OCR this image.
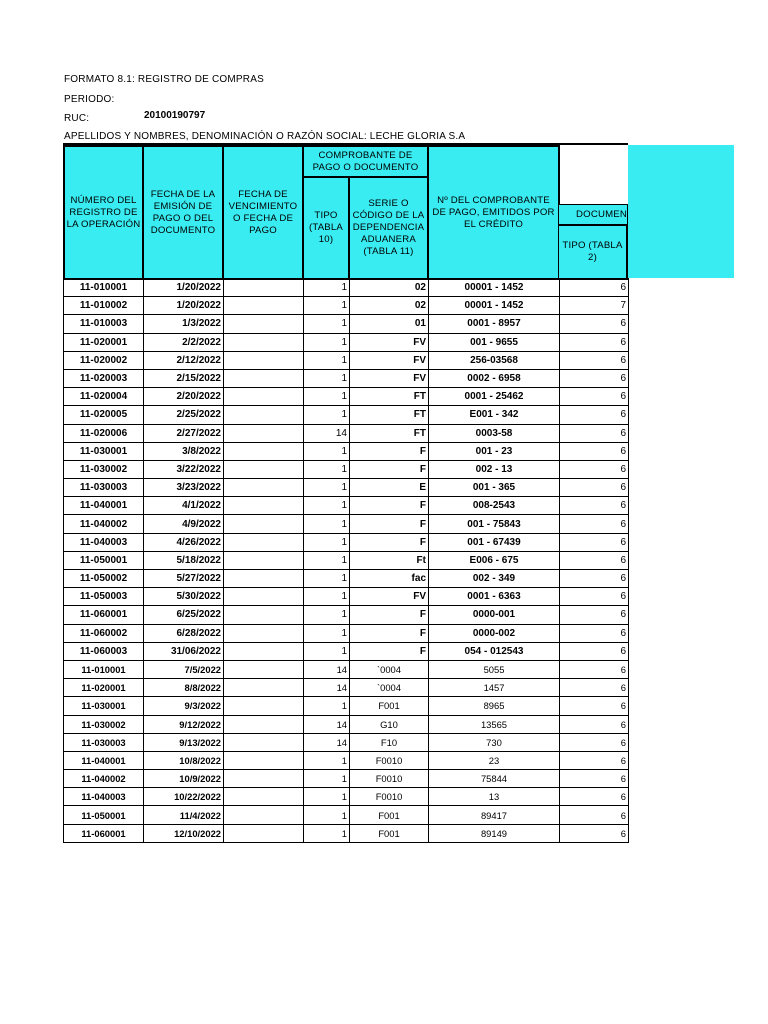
FORMATO 8.1: REGISTRO DE COMPRAS
PERIODO:
RUC:	20100190797
APELLIDOS Y NOMBRES, DENOMINACIÓN O RAZÓN SOCIAL: LECHE GLORIA S.A
NÚMERO DEL REGISTRO DE LA OPERACIÓN
FECHA DE LA EMISIÓN DE PAGO O DEL DOCUMENTO
FECHA DE VENCIMIENTO O FECHA DE PAGO
COMPROBANTE DE PAGO O DOCUMENTO
TIPO (TABLA 10)
SERIE O CÓDIGO DE LA DEPENDENCIA ADUANERA (TABLA 11)
Nº DEL COMPROBANTE DE PAGO, EMITIDOS POR EL CRÉDITO
DOCUMEN
TIPO (TABLA 2)
11-010001	1/20/2022		1	02	00001 - 1452	6
11-010002	1/20/2022		1	02	00001 - 1452	7
11-010003	1/3/2022		1	01	0001 - 8957	6
11-020001	2/2/2022		1	FV	001 - 9655	6
11-020002	2/12/2022		1	FV	256-03568	6
11-020003	2/15/2022		1	FV	0002 - 6958	6
11-020004	2/20/2022		1	FT	0001 - 25462	6
11-020005	2/25/2022		1	FT	E001 - 342	6
11-020006	2/27/2022		14	FT	0003-58	6
11-030001	3/8/2022		1	F	001 - 23	6
11-030002	3/22/2022		1	F	002 - 13	6
11-030003	3/23/2022		1	E	001 - 365	6
11-040001	4/1/2022		1	F	008-2543	6
11-040002	4/9/2022		1	F	001 - 75843	6
11-040003	4/26/2022		1	F	001 - 67439	6
11-050001	5/18/2022		1	Ft	E006 - 675	6
11-050002	5/27/2022		1	fac	002 - 349	6
11-050003	5/30/2022		1	FV	0001 - 6363	6
11-060001	6/25/2022		1	F	0000-001	6
11-060002	6/28/2022		1	F	0000-002	6
11-060003	31/06/2022		1	F	054 - 012543	6
11-010001	7/5/2022		14	`0004	5055	6
11-020001	8/8/2022		14	`0004	1457	6
11-030001	9/3/2022		1	F001	8965	6
11-030002	9/12/2022		14	G10	13565	6
11-030003	9/13/2022		14	F10	730	6
11-040001	10/8/2022		1	F0010	23	6
11-040002	10/9/2022		1	F0010	75844	6
11-040003	10/22/2022		1	F0010	13	6
11-050001	11/4/2022		1	F001	89417	6
11-060001	12/10/2022		1	F001	89149	6
